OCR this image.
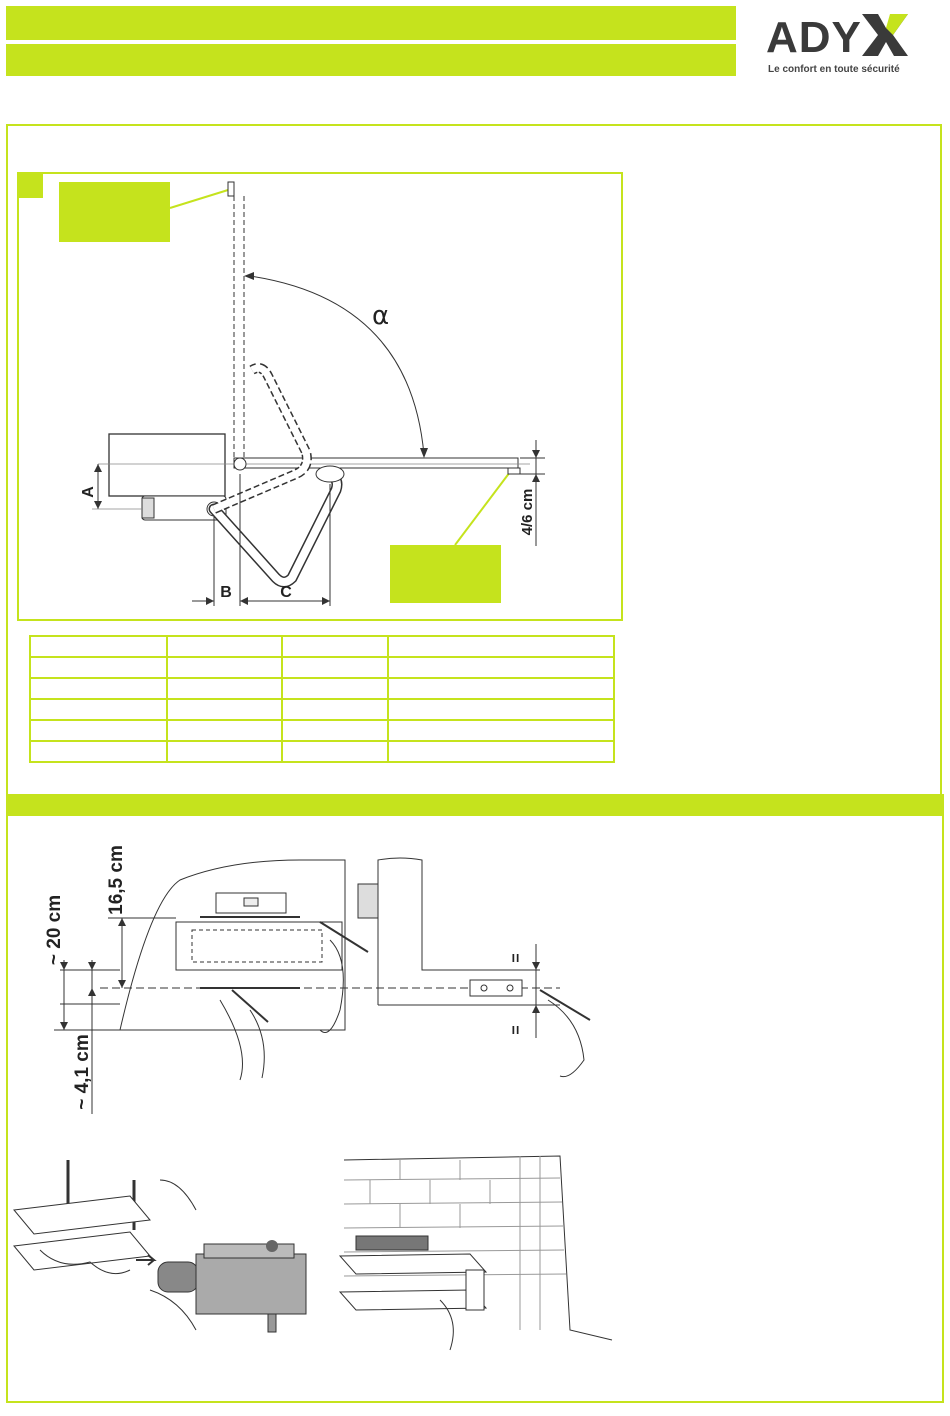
ADY
Le confort en toute sécurité
α
A
B	C
4/6 cm

16,5 cm
~ 20 cm
~ 4,1 cm
=
=
